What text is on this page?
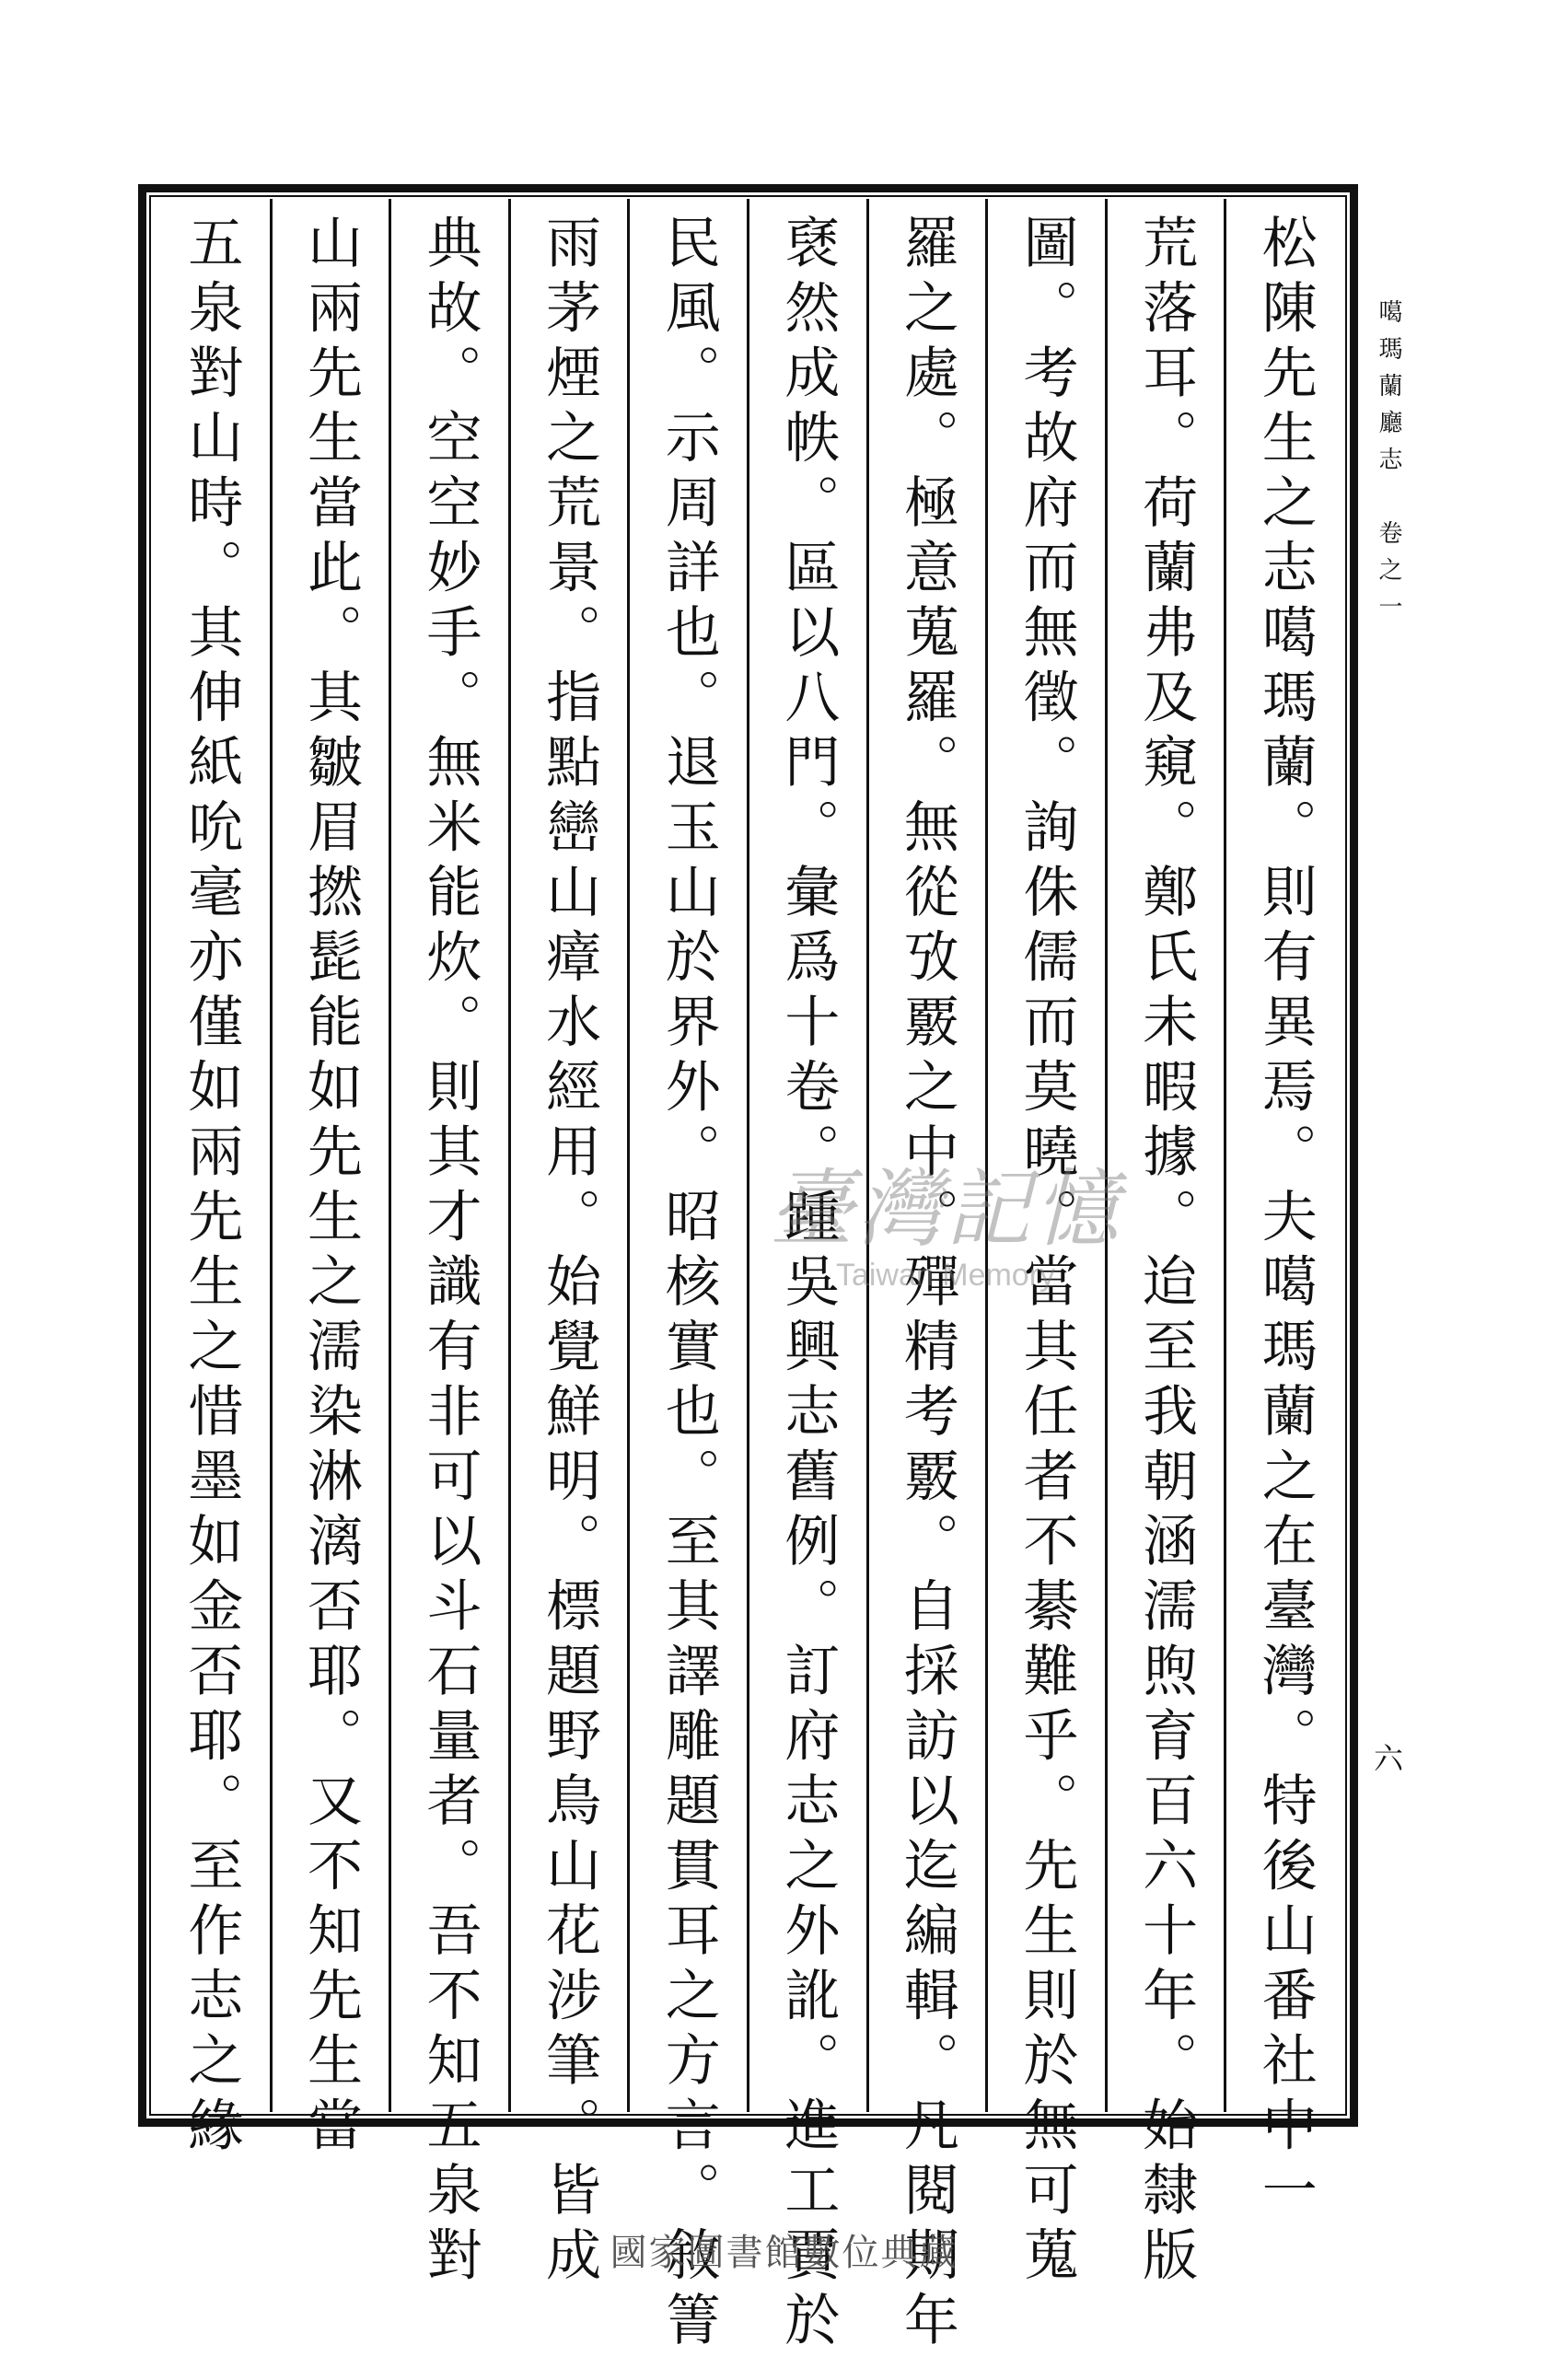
松陳先生之志噶瑪蘭。則有異焉。夫噶瑪蘭之在臺灣。特後山番社中一
荒落耳。荷蘭弗及窺。鄭氏未暇據。迨至我朝涵濡煦育百六十年。始隸版
圖。考故府而無徵。詢侏儒而莫曉。當其任者不綦難乎。先生則於無可蒐
羅之處。極意蒐羅。無從攷覈之中。殫精考覈。自採訪以迄編輯。凡閱期年
褎然成帙。區以八門。彙爲十卷。踵吳興志舊例。訂府志之外訛。進工賈於
民風。示周詳也。退玉山於界外。昭核實也。至其譯雕題貫耳之方言。敘箐
雨茅煙之荒景。指點巒山瘴水經用。始覺鮮明。標題野鳥山花涉筆。皆成
典故。空空妙手。無米能炊。則其才識有非可以斗石量者。吾不知五泉對
山兩先生當此。其皺眉撚髭能如先生之濡染淋漓否耶。又不知先生當
五泉對山時。其伸紙吮毫亦僅如兩先生之惜墨如金否耶。至作志之緣	噶瑪蘭廳志　卷之一
六
臺灣記憶
Taiwan Memory
國家圖書館數位典藏
